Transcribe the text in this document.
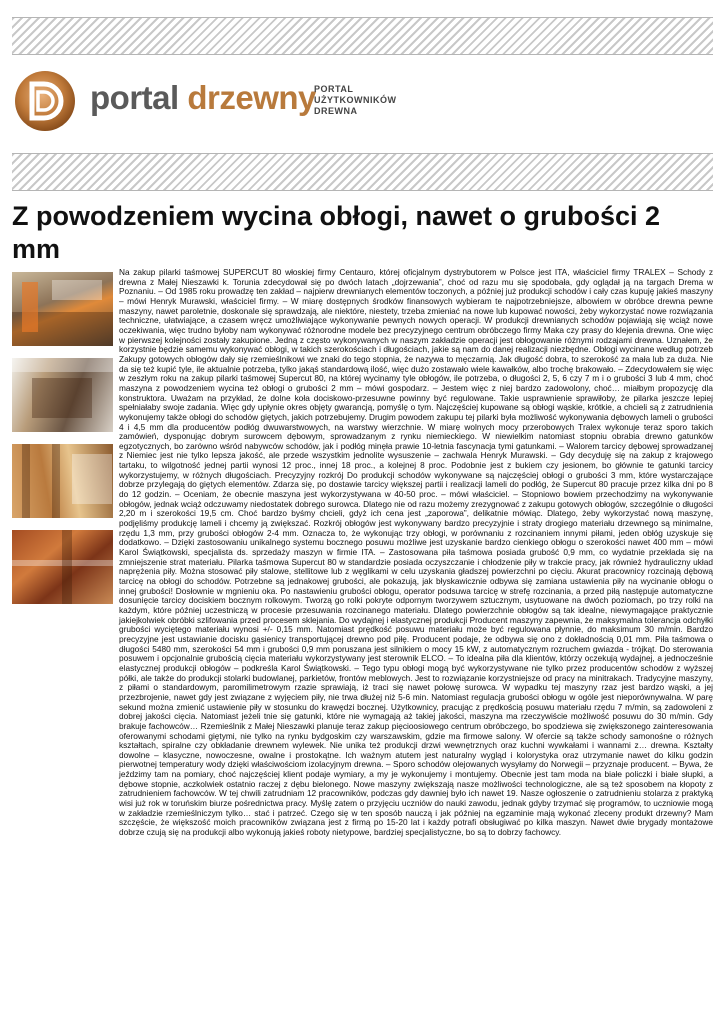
portal drzewny
PORTAL
UŻYTKOWNIKÓW
DREWNA
Z powodzeniem wycina obłogi, nawet o grubości 2 mm
Na zakup pilarki taśmowej SUPERCUT 80 włoskiej firmy Centauro, której oficjalnym dystrybutorem w Polsce jest ITA, właściciel firmy TRALEX – Schody z drewna z Małej Nieszawki k. Torunia zdecydował się po dwóch latach „dojrzewania”, choć od razu mu się spodobała, gdy oglądał ją na targach Drema w Poznaniu. – Od 1985 roku prowadzę ten zakład – najpierw drewnianych elementów toczonych, a później już produkcji schodów i cały czas kupuję jakieś maszyny – mówi Henryk Murawski, właściciel firmy. – W miarę dostępnych środków finansowych wybieram te najpotrzebniejsze, albowiem w obróbce drewna pewne maszyny, nawet paroletnie, doskonale się sprawdzają, ale niektóre, niestety, trzeba zmieniać na nowe lub kupować nowości, żeby wykorzystać nowe rozwiązania techniczne, ułatwiające, a czasem wręcz umożliwiające wykonywanie pewnych nowych operacji. W produkcji drewnianych schodów pojawiają się wciąż nowe oczekiwania, więc trudno byłoby nam wykonywać różnorodne modele bez precyzyjnego centrum obróbczego firmy Maka czy prasy do klejenia drewna. One więc w pierwszej kolejności zostały zakupione. Jedną z często wykonywanych w naszym zakładzie operacji jest obłogowanie różnymi rodzajami drewna. Uznałem, że korzystnie będzie samemu wykonywać obłogi, w takich szerokościach i długościach, jakie są nam do danej realizacji niezbędne. Obłogi wycinane według potrzeb Zakupy gotowych obłogów dały się rzemieślnikowi we znaki do tego stopnia, że nazywa to męczarnią. Jak długość dobra, to szerokość za mała lub za duża. Nie da się też kupić tyle, ile aktualnie potrzeba, tylko jakąś standardową ilość, więc dużo zostawało wiele kawałków, albo trochę brakowało. – Zdecydowałem się więc w zeszłym roku na zakup pilarki taśmowej Supercut 80, na której wycinamy tyle obłogów, ile potrzeba, o długości 2, 5, 6 czy 7 m i o grubości 3 lub 4 mm, choć maszyna z powodzeniem wycina też obłogi o grubości 2 mm – mówi gospodarz. – Jestem więc z niej bardzo zadowolony, choć… miałbym propozycję dla konstruktora. Uważam na przykład, że dolne koła dociskowo-przesuwne powinny być regulowane. Takie usprawnienie sprawiłoby, że pilarka jeszcze lepiej spełniałaby swoje zadania. Więc gdy upłynie okres objęty gwarancją, pomyślę o tym. Najczęściej kupowane są obłogi wąskie, krótkie, a chcieli są z zatrudnienia wykonujemy także obłogi do schodów giętych, jakich potrzebujemy. Drugim powodem zakupu tej pilarki była możliwość wykonywania dębowych lameli o grubości 4 i 4,5 mm dla producentów podłóg dwuwarstwowych, na warstwy wierzchnie. W miarę wolnych mocy przerobowych Tralex wykonuje teraz sporo takich zamówień, dysponując dobrym surowcem dębowym, sprowadzanym z rynku niemieckiego. W niewielkim natomiast stopniu obrabia drewno gatunków egzotycznych, bo zarówno wśród nabywców schodów, jak i podłóg minęła prawie 10-letnia fascynacja tymi gatunkami. – Walorem tarcicy dębowej sprowadzanej z Niemiec jest nie tylko lepsza jakość, ale przede wszystkim jednolite wysuszenie – zachwala Henryk Murawski. – Gdy decyduję się na zakup z krajowego tartaku, to wilgotność jednej partii wynosi 12 proc., innej 18 proc., a kolejnej 8 proc. Podobnie jest z bukiem czy jesionem, bo głównie te gatunki tarcicy wykorzystujemy, w różnych długościach. Precyzyjny rozkrój Do produkcji schodów wykonywane są najczęściej obłogi o grubości 3 mm, które wystarczające dobrze przylegają do giętych elementów. Zdarza się, po dostawie tarcicy większej partii i realizacji lameli do podłóg, że Supercut 80 pracuje przez kilka dni po 8 do 12 godzin. – Oceniam, że obecnie maszyna jest wykorzystywana w 40-50 proc. – mówi właściciel. – Stopniowo bowiem przechodzimy na wykonywanie obłogów, jednak wciąż odczuwamy niedostatek dobrego surowca. Dlatego nie od razu możemy zrezygnować z zakupu gotowych obłogów, szczególnie o długości 2,20 m i szerokości 19,5 cm. Choć bardzo byśmy chcieli, gdyż ich cena jest „zaporowa”, delikatnie mówiąc. Dlatego, żeby wykorzystać nową maszynę, podjęliśmy produkcję lameli i chcemy ją zwiększać. Rozkrój obłogów jest wykonywany bardzo precyzyjnie i straty drogiego materiału drzewnego są minimalne, rzędu 1,3 mm, przy grubości obłogów 2-4 mm. Oznacza to, że wykonując trzy obłogi, w porównaniu z rozcinaniem innymi piłami, jeden obłóg uzyskuje się dodatkowo. – Dzięki zastosowaniu unikalnego systemu bocznego posuwu możliwe jest uzyskanie bardzo cienkiego obłogu o szerokości nawet 400 mm – mówi Karol Świątkowski, specjalista ds. sprzedaży maszyn w firmie ITA. – Zastosowana piła taśmowa posiada grubość 0,9 mm, co wydatnie przekłada się na zmniejszenie strat materiału. Pilarka taśmowa Supercut 80 w standardzie posiada oczyszczanie i chłodzenie piły w trakcie pracy, jak również hydrauliczny układ naprężenia piły. Można stosować piły stalowe, stellitowe lub z węglikami w celu uzyskania gładszej powierzchni po cięciu. Akurat pracownicy rozcinają dębową tarcicę na obłogi do schodów. Potrzebne są jednakowej grubości, ale pokazują, jak błyskawicznie odbywa się zamiana ustawienia piły na wycinanie obłogu o innej grubości! Dosłownie w mgnieniu oka. Po nastawieniu grubości obłogu, operator podsuwa tarcicę w strefę rozcinania, a przed piłą następuje automatyczne dosunięcie tarcicy dociskiem bocznym rolkowym. Tworzą go rolki pokryte odpornym tworzywem sztucznym, usytuowane na dwóch poziomach, po trzy rolki na każdym, które później uczestniczą w procesie przesuwania rozcinanego materiału. Dlatego powierzchnie obłogów są tak idealne, niewymagające praktycznie jakiejkolwiek obróbki szlifowania przed procesem sklejania. Do wydajnej i elastycznej produkcji Producent maszyny zapewnia, że maksymalna tolerancja odchyłki grubości wyciętego materiału wynosi +/- 0,15 mm. Natomiast prędkość posuwu materiału może być regulowana płynnie, do maksimum 30 m/min. Bardzo precyzyjne jest ustawianie docisku gąsienicy transportującej drewno pod piłę. Producent podaje, że odbywa się ono z dokładnością 0,01 mm. Piła taśmowa o długości 5480 mm, szerokości 54 mm i grubości 0,9 mm poruszana jest silnikiem o mocy 15 kW, z automatycznym rozruchem gwiazda - trójkąt. Do sterowania posuwem i opcjonalnie grubością cięcia materiału wykorzystywany jest sterownik ELCO. – To idealna piła dla klientów, którzy oczekują wydajnej, a jednocześnie elastycznej produkcji obłogów – podkreśla Karol Świątkowski. – Tego typu obłogi mogą być wykorzystywane nie tylko przez producentów schodów z wyższej półki, ale także do produkcji stolarki budowlanej, parkietów, frontów meblowych. Jest to rozwiązanie korzystniejsze od pracy na minitrakach. Tradycyjne maszyny, z piłami o standardowym, paromilimetrowym rzazie sprawiają, iż traci się nawet połowę surowca. W wypadku tej maszyny rzaz jest bardzo wąski, a jej przezbrojenie, nawet gdy jest związane z wyjęciem piły, nie trwa dłużej niż 5-6 min. Natomiast regulacja grubości obłogu w ogóle jest nieporównywalna. W parę sekund można zmienić ustawienie piły w stosunku do krawędzi bocznej. Użytkownicy, pracując z prędkością posuwu materiału rzędu 7 m/min, są zadowoleni z dobrej jakości cięcia. Natomiast jeżeli tnie się gatunki, które nie wymagają aż takiej jakości, maszyna ma rzeczywiście możliwość posuwu do 30 m/min. Gdy brakuje fachowców… Rzemieślnik z Małej Nieszawki planuje teraz zakup pięcioosiowego centrum obróbczego, bo spodziewa się zwiększonego zainteresowania oferowanymi schodami giętymi, nie tylko na rynku bydgoskim czy warszawskim, gdzie ma firmowe salony. W ofercie są także schody samonośne o różnych kształtach, spiralne czy obkładanie drewnem wylewek. Nie unika też produkcji drzwi wewnętrznych oraz kuchni wywkałami i wannami z… drewna. Kształty dowolne – klasyczne, nowoczesne, owalne i prostokątne. Ich ważnym atutem jest naturalny wygląd i kolorystyka oraz utrzymanie nawet do kilku godzin pierwotnej temperatury wody dzięki właściwościom izolacyjnym drewna. – Sporo schodów olejowanych wysyłamy do Norwegii – przyznaje producent. – Bywa, że jeździmy tam na pomiary, choć najczęściej klient podaje wymiary, a my je wykonujemy i montujemy. Obecnie jest tam moda na białe policzki i białe słupki, a dębowe stopnie, aczkolwiek ostatnio raczej z dębu bielonego. Nowe maszyny zwiększają nasze możliwości technologiczne, ale są też sposobem na kłopoty z zatrudnieniem fachowców. W tej chwili zatrudniam 12 pracowników, podczas gdy dawniej było ich nawet 19. Nasze ogłoszenie o zatrudnieniu stolarza z praktyką wisi już rok w toruńskim biurze pośrednictwa pracy. Myślę zatem o przyjęciu uczniów do nauki zawodu, jednak gdyby trzymać się programów, to uczniowie mogą w zakładzie rzemieślniczym tylko… stać i patrzeć. Czego się w ten sposób nauczą i jak później na egzaminie mają wykonać zleceny produkt drzewny? Mam szczęście, że większość moich pracowników związana jest z firmą po 15-20 lat i każdy potrafi obsługiwać po kilka maszyn. Nawet dwie brygady montażowe dobrze czują się na produkcji albo wykonują jakieś roboty nietypowe, bardziej specjalistyczne, bo są to dobrzy fachowcy.
